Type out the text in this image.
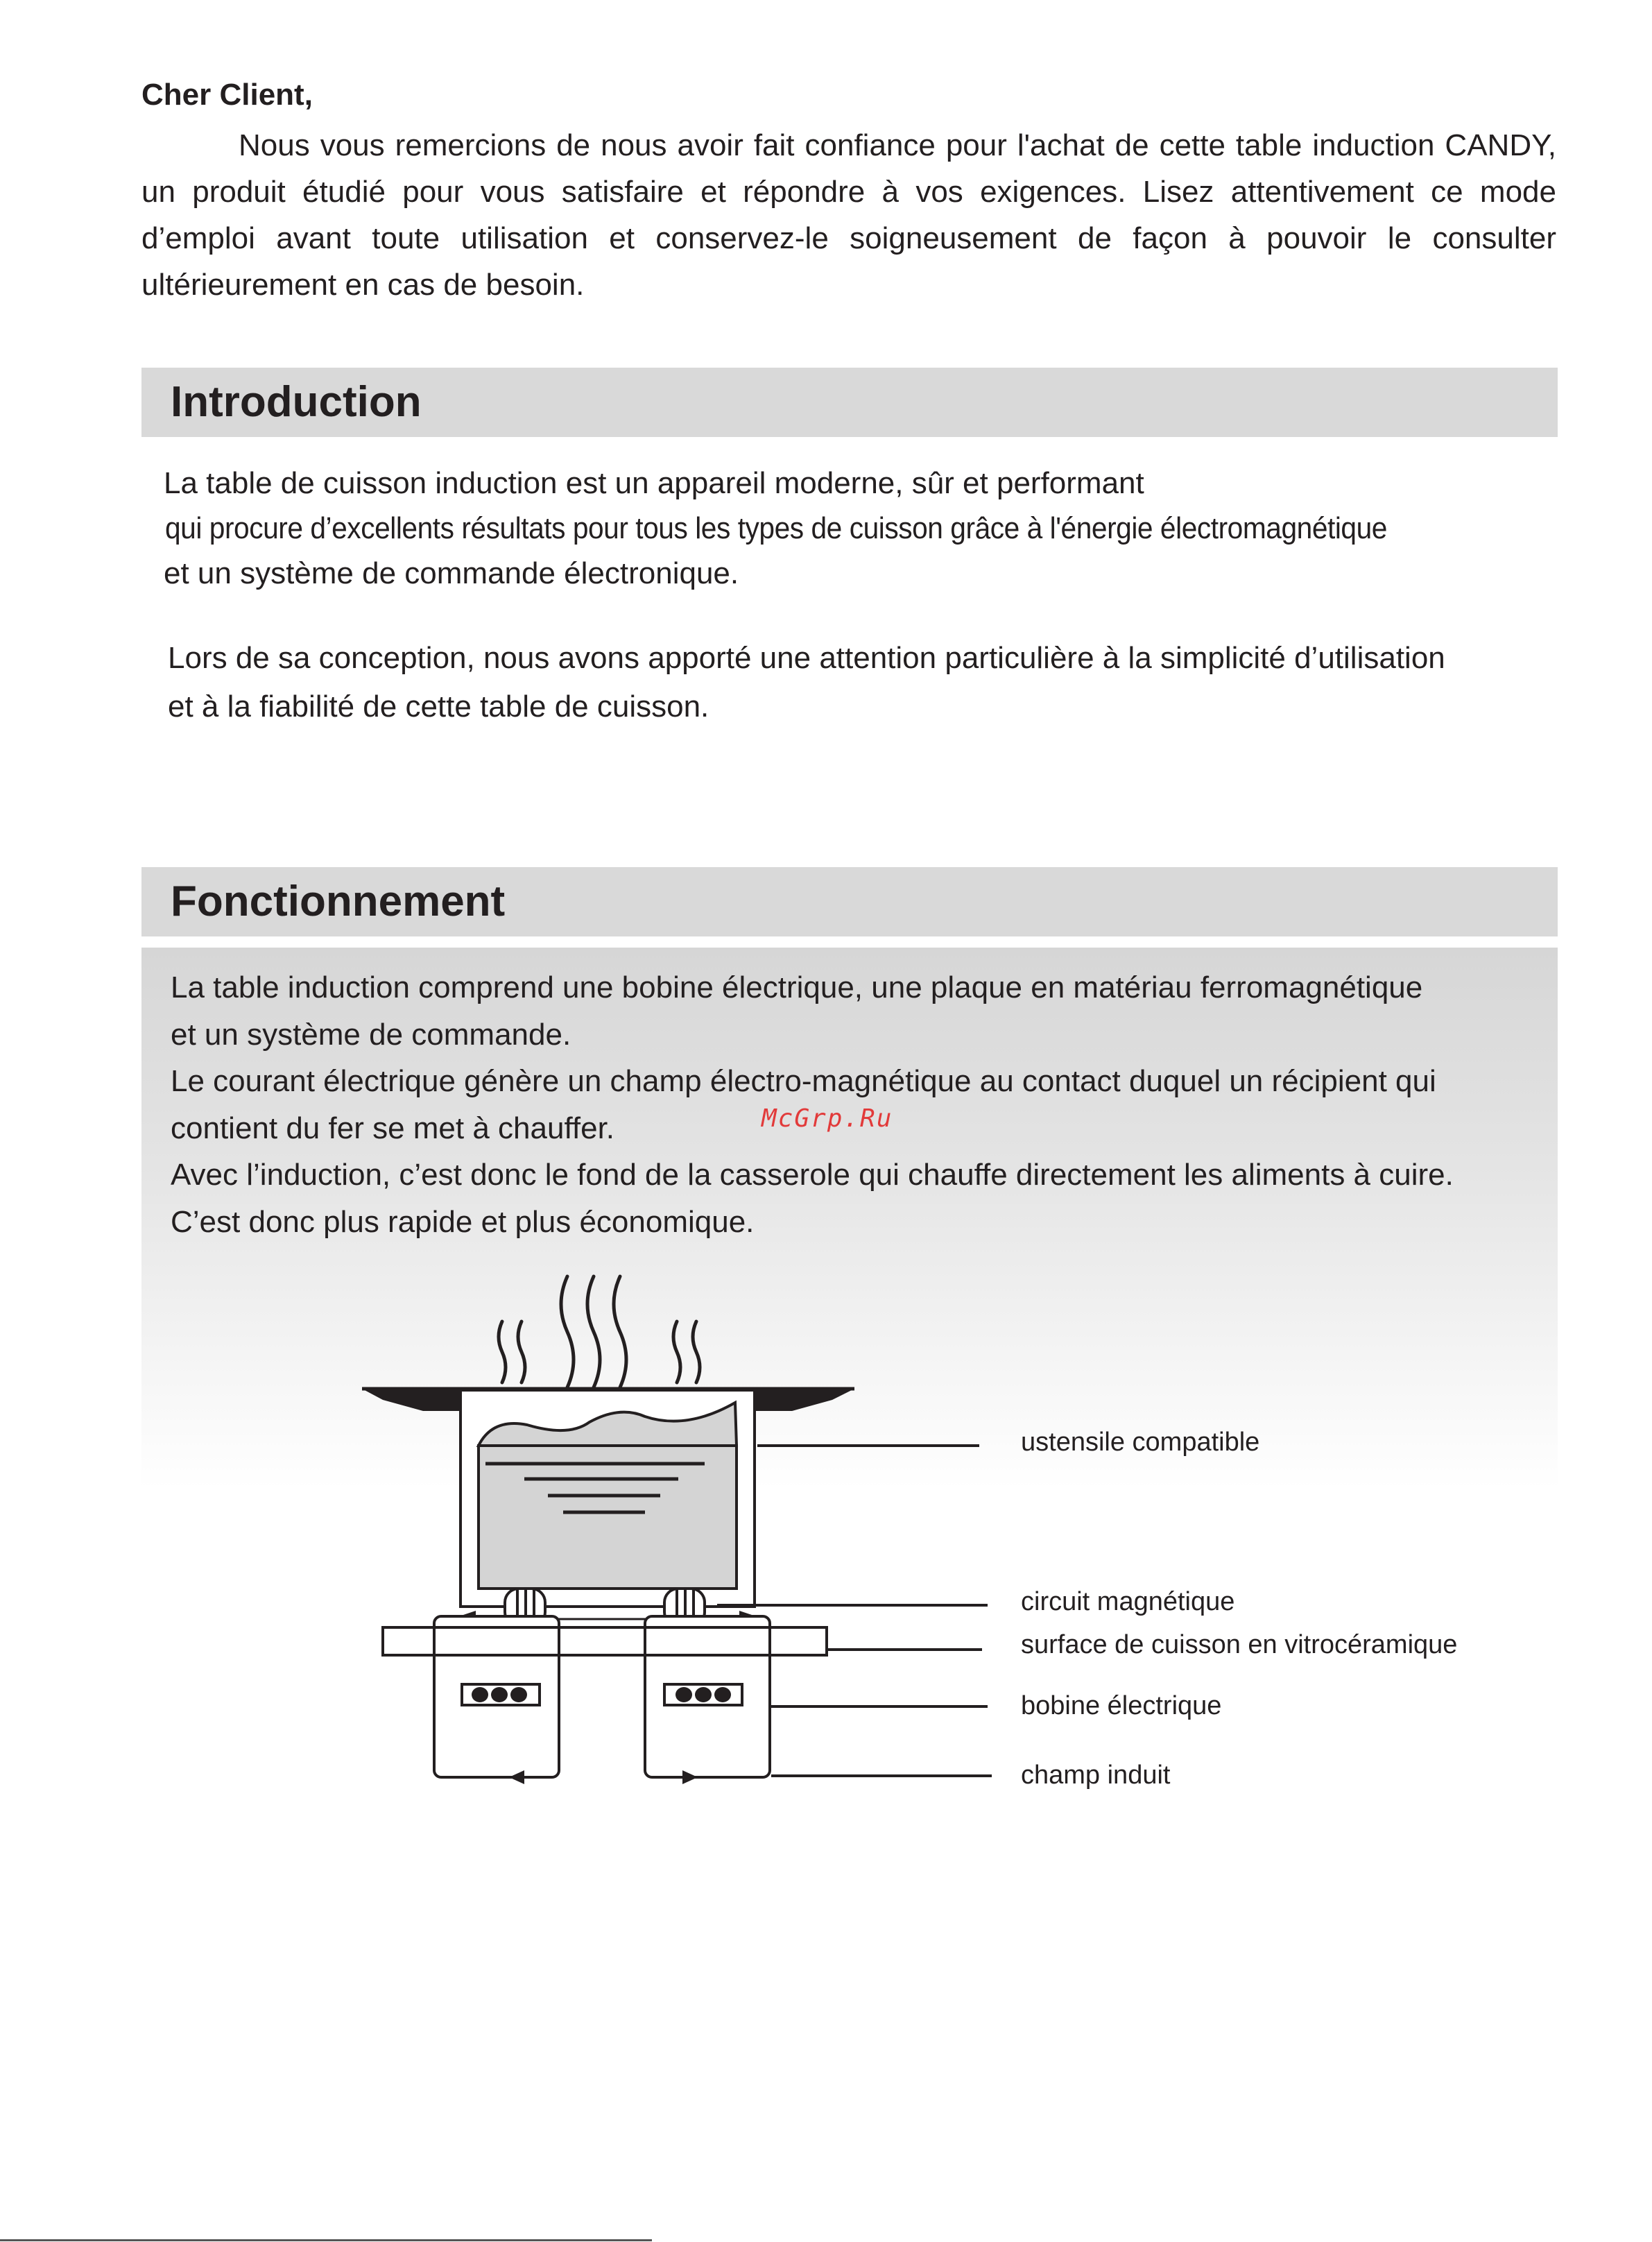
Cher Client,
Nous vous remercions de nous avoir fait confiance pour l'achat de cette table induction CANDY, un produit étudié pour vous satisfaire et répondre à vos exigences. Lisez attentivement ce mode d’emploi avant toute utilisation et conservez-le soigneusement de façon à pouvoir le consulter ultérieurement en cas de besoin.
Introduction
La table de cuisson induction est un appareil moderne, sûr et performant
qui procure d’excellents résultats pour tous les types de cuisson grâce à l'énergie électromagnétique
et un système de commande électronique.
Lors de sa conception, nous avons apporté une attention particulière à la simplicité d’utilisation
et à la fiabilité de cette table de cuisson.
Fonctionnement
La table induction comprend une bobine électrique, une plaque en matériau ferromagnétique
et un système de commande.
Le courant électrique génère un champ électro-magnétique au contact duquel un récipient qui
contient du fer se met à chauffer.
Avec l’induction, c’est donc le fond de la casserole qui chauffe directement les aliments à cuire.
C’est donc plus rapide et plus économique.
McGrp.Ru
ustensile compatible
circuit magnétique
surface de cuisson en vitrocéramique
bobine électrique
champ induit
